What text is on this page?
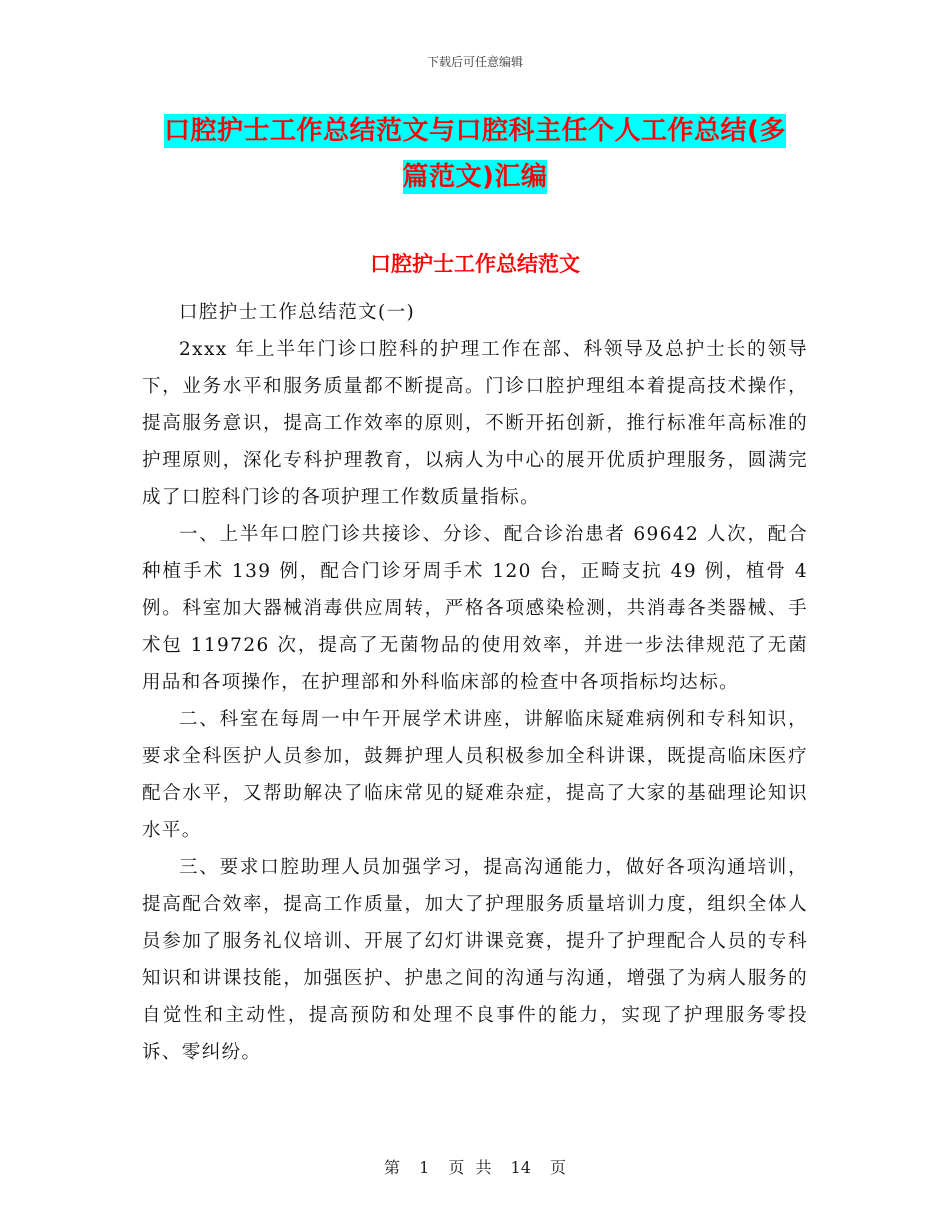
下载后可任意编辑
口腔护士工作总结范文与口腔科主任个人工作总结(多
篇范文)汇编
口腔护士工作总结范文

口腔护士工作总结范文(一)

2xxx 年上半年门诊口腔科的护理工作在部、科领导及总护士长的领导下，业务水平和服务质量都不断提高。门诊口腔护理组本着提高技术操作，提高服务意识，提高工作效率的原则，不断开拓创新，推行标准年高标准的护理原则，深化专科护理教育，以病人为中心的展开优质护理服务，圆满完成了口腔科门诊的各项护理工作数质量指标。

一、上半年口腔门诊共接诊、分诊、配合诊治患者 69642 人次，配合种植手术 139 例，配合门诊牙周手术 120 台，正畸支抗 49 例，植骨 4 例。科室加大器械消毒供应周转，严格各项感染检测，共消毒各类器械、手术包 119726 次，提高了无菌物品的使用效率，并进一步法律规范了无菌用品和各项操作，在护理部和外科临床部的检查中各项指标均达标。

二、科室在每周一中午开展学术讲座，讲解临床疑难病例和专科知识，要求全科医护人员参加，鼓舞护理人员积极参加全科讲课，既提高临床医疗配合水平，又帮助解决了临床常见的疑难杂症，提高了大家的基础理论知识水平。

三、要求口腔助理人员加强学习，提高沟通能力，做好各项沟通培训，提高配合效率，提高工作质量，加大了护理服务质量培训力度，组织全体人员参加了服务礼仪培训、开展了幻灯讲课竞赛，提升了护理配合人员的专科知识和讲课技能，加强医护、护患之间的沟通与沟通，增强了为病人服务的自觉性和主动性，提高预防和处理不良事件的能力，实现了护理服务零投诉、零纠纷。

第 1 页 共 14 页
